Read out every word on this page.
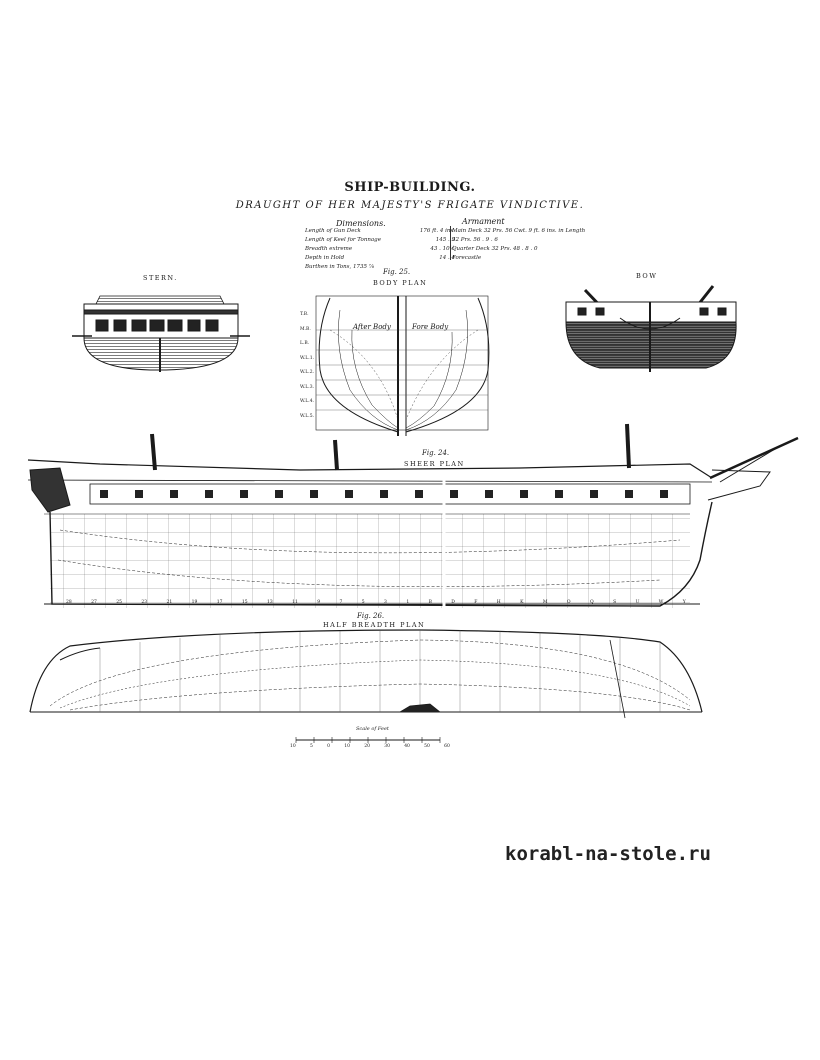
SHIP-BUILDING.
DRAUGHT OF HER MAJESTY'S FRIGATE VINDICTIVE.
Dimensions.	Armament
Length of Gun Deck	176 ft. 4 ins.
Length of Keel for Tonnage	145 . 9
Breadth extreme	43 . 10½
Depth in Hold	14 . 4
Burthen in Tons, 1735 ⅞
Main Deck 32 Prs. 56 Cwt. 9 ft. 6 ins. in Length
32 Prs. 56 . 9 . 6
Quarter Deck 32 Prs. 48 . 8 . 0
Forecastle
Fig. 25.
BODY PLAN
STERN.	BOW
After Body	Fore Body
Fig. 24.
SHEER PLAN
Fig. 26.
HALF BREADTH PLAN
Scale of Feet
korabl-na-stole.ru
T.B.
M.B.
L.B.
W.L.1.
W.L.2.
W.L.3.
W.L.4.
W.L.5.
10	5	0	10	20	30	40	50	60
28	27	25	23	21	19	17	15	13	11	9	7	5	3	1	B	D	F	H	K	M	O	Q	S	U	W	Y
